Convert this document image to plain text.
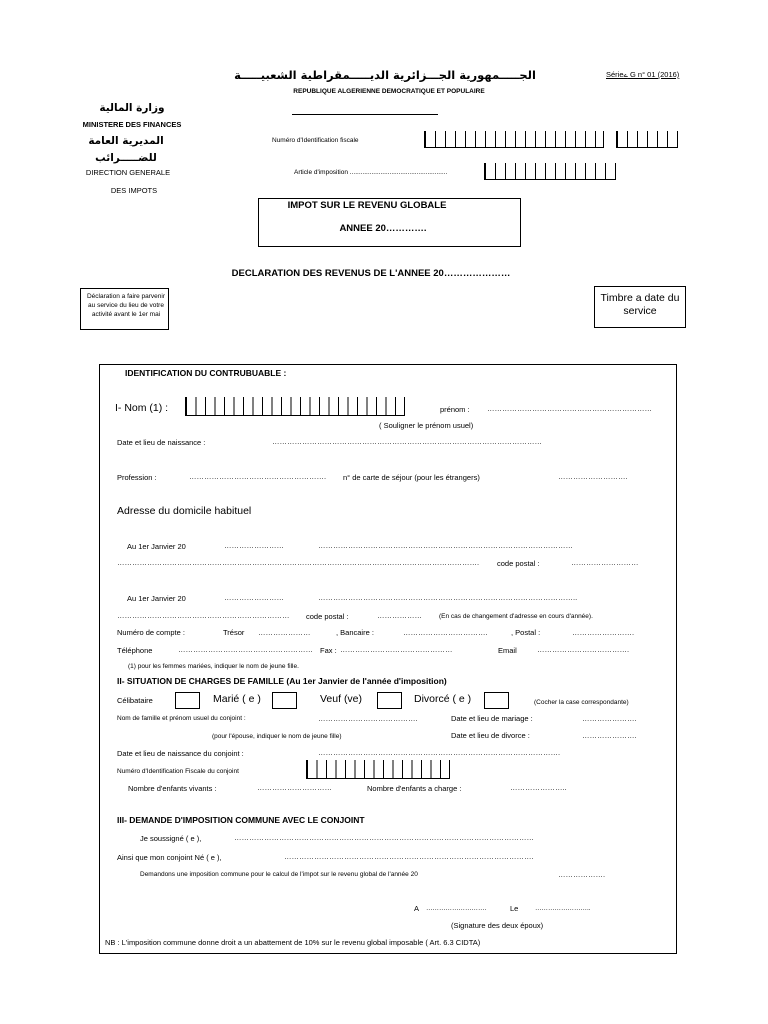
الجـــــمهورية الجـــزائرية الديـــــمقراطية الشعبيـــــة
REPUBLIQUE ALGERIENNE DEMOCRATIQUE ET POPULAIRE
Sérieے G n° 01 (2016)
وزارة المالية
MINISTERE DES FINANCES
المديرية العامة
للضـــــرائب
DIRECTION GENERALE
DES IMPOTS
Numéro d'Identification fiscale
Article d'imposition ......................................................
IMPOT SUR LE REVENU GLOBALE
ANNEE 20………….
DECLARATION DES REVENUS DE L'ANNEE 20…………………
Déclaration a faire parvenir
au service du lieu de votre
activité avant le 1er mai
Timbre a date du
service
IDENTIFICATION DU CONTRUBUABLE :
I- Nom (1) :	prénom : …………………………………………………………
( Souligner le prénom usuel)
Date et lieu de naissance :	………………………………………………………………………………………………
Profession :	………………………………………………. n° de carte de séjour (pour les étrangers)	……………………….
Adresse du domicile habituel
Au 1er Janvier 20	……………………	…………………………………………………………………………………………
………………………………………………………………………………………………………………………………. code postal :	………………………
Au 1er Janvier 20	……………………	…………………………………………………………………………………………..
…………………………………………………………… code postal :	………………	(En cas de changement d'adresse en cours d'année).
Numéro de compte :	Trésor …………………	, Bancaire :	…………………………….	, Postal :	…………………….
Téléphone	……………………………………………… Fax : ………………………………………	Email	……………………………….
(1) pour les femmes mariées, indiquer le nom de jeune fille.
II- SITUATION DE CHARGES DE FAMILLE (Au 1er Janvier de l'année d'imposition)
Célibataire	Marié ( e )	Veuf (ve)	Divorcé ( e )	(Cocher la case correspondante)
Nom de famille et prénom usuel du conjoint :	………………………………….	Date et lieu de mariage :	………………….
(pour l'épouse, indiquer le nom de jeune fille)	Date et lieu de divorce :	………………….
Date et lieu de naissance du conjoint :	…………………………………………………………………………………….
Numéro d'Identification Fiscale du conjoint
Nombre d'enfants vivants :	…………………………	Nombre d'enfants a charge :	…………………..
III- DEMANDE D'IMPOSITION COMMUNE AVEC LE CONJOINT
Je soussigné ( e ),	…………………………………………………………………………………………………………
Ainsi que mon conjoint Né ( e ),	……………………………………………………………………………………….
Demandons une imposition commune pour le calcul de l'impot sur le revenu global de l'année 20	……………….
A ……………………….	Le	……………………..
(Signature des deux époux)
NB : L'imposition commune donne droit a un abattement de 10% sur le revenu global imposable ( Art. 6.3 CIDTA)
